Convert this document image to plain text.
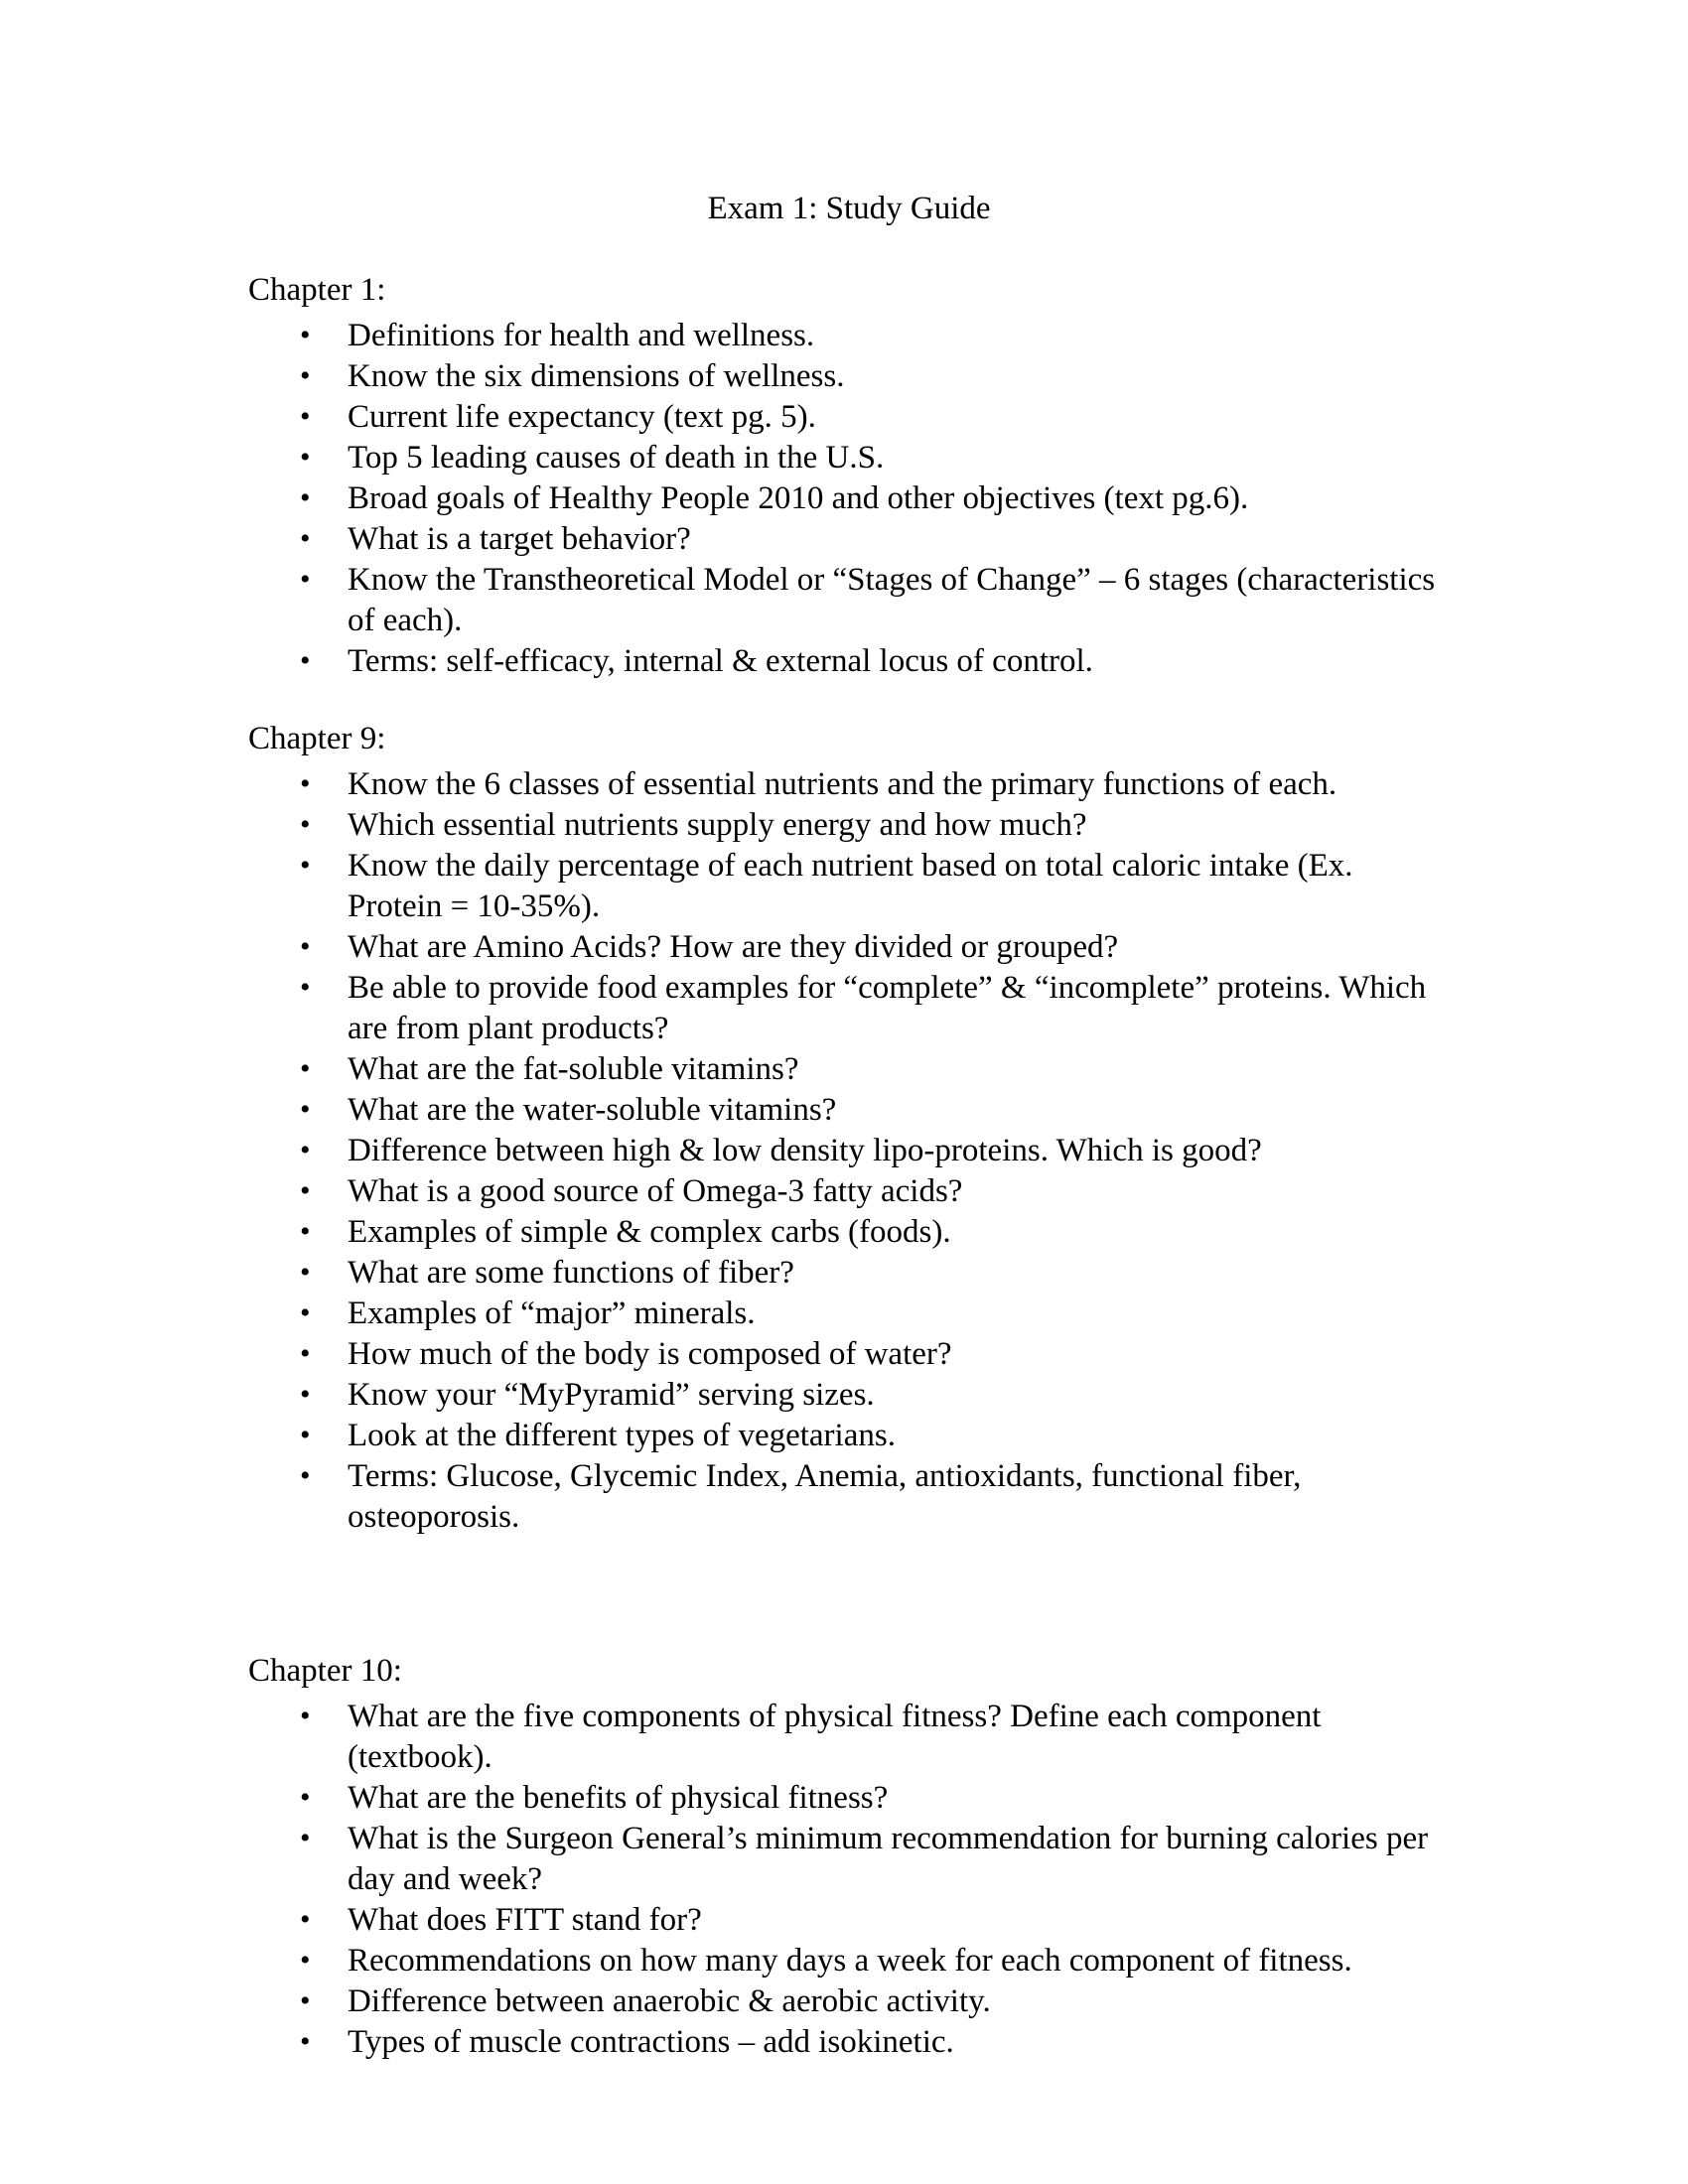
Exam 1: Study Guide
Chapter 1:
• Definitions for health and wellness.
• Know the six dimensions of wellness.
• Current life expectancy (text pg. 5).
• Top 5 leading causes of death in the U.S.
• Broad goals of Healthy People 2010 and other objectives (text pg.6).
• What is a target behavior?
• Know the Transtheoretical Model or “Stages of Change” – 6 stages (characteristics of each).
• Terms: self-efficacy, internal & external locus of control.
Chapter 9:
• Know the 6 classes of essential nutrients and the primary functions of each.
• Which essential nutrients supply energy and how much?
• Know the daily percentage of each nutrient based on total caloric intake (Ex. Protein = 10-35%).
• What are Amino Acids? How are they divided or grouped?
• Be able to provide food examples for “complete” & “incomplete” proteins. Which are from plant products?
• What are the fat-soluble vitamins?
• What are the water-soluble vitamins?
• Difference between high & low density lipo-proteins. Which is good?
• What is a good source of Omega-3 fatty acids?
• Examples of simple & complex carbs (foods).
• What are some functions of fiber?
• Examples of “major” minerals.
• How much of the body is composed of water?
• Know your “MyPyramid” serving sizes.
• Look at the different types of vegetarians.
• Terms: Glucose, Glycemic Index, Anemia, antioxidants, functional fiber, osteoporosis.
Chapter 10:
• What are the five components of physical fitness? Define each component (textbook).
• What are the benefits of physical fitness?
• What is the Surgeon General’s minimum recommendation for burning calories per day and week?
• What does FITT stand for?
• Recommendations on how many days a week for each component of fitness.
• Difference between anaerobic & aerobic activity.
• Types of muscle contractions – add isokinetic.
